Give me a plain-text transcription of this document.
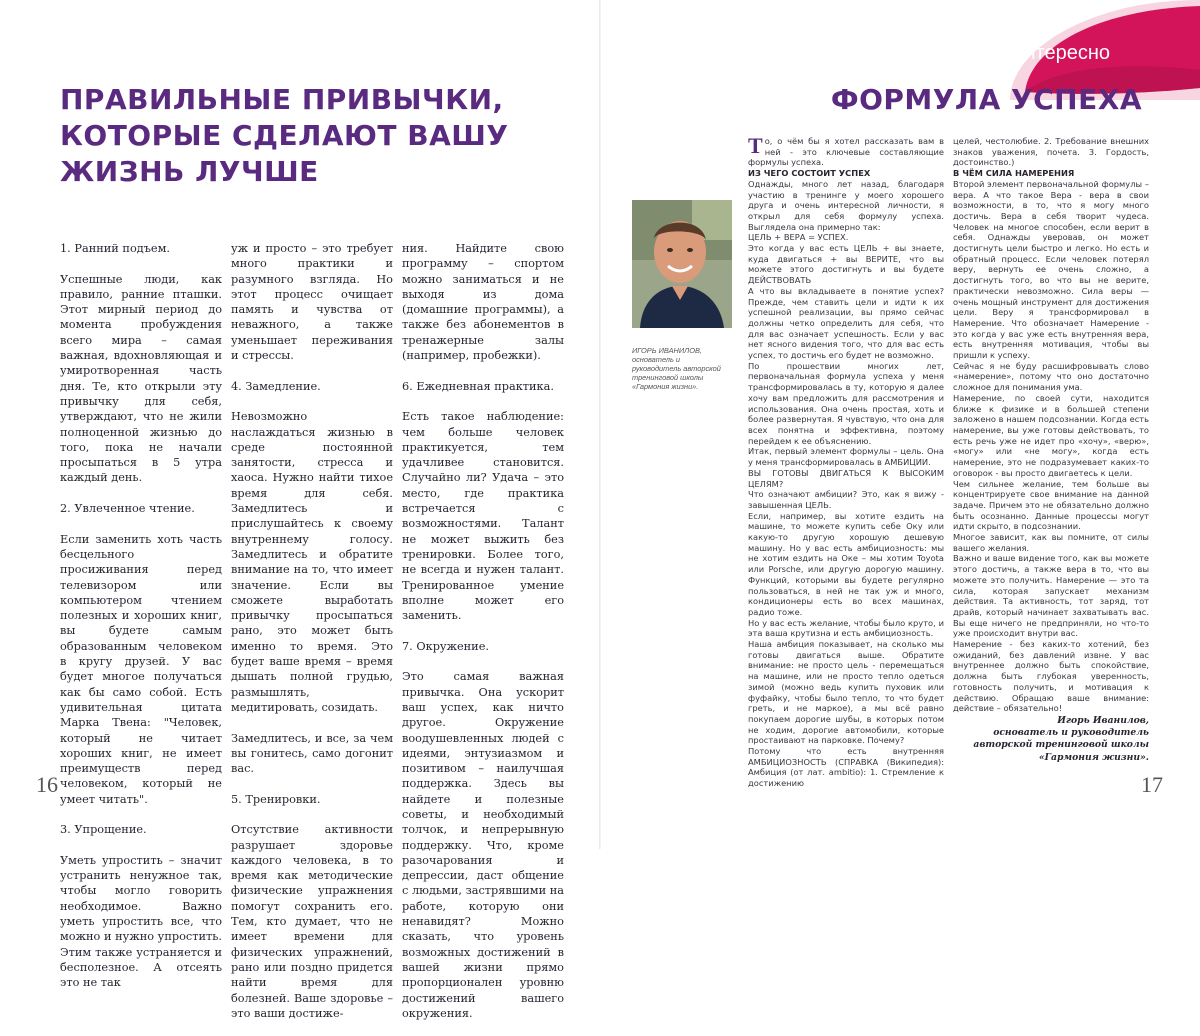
ПРАВИЛЬНЫЕ ПРИВЫЧКИ, КОТОРЫЕ СДЕЛАЮТ ВАШУ ЖИЗНЬ ЛУЧШЕ

1. Ранний подъем.

Успешные люди, как правило, ранние пташки. Этот мирный период до момента пробуждения всего мира – самая важная, вдохновляющая и умиротворенная часть дня. Те, кто открыли эту привычку для себя, утверждают, что не жили полноценной жизнью до того, пока не начали просыпаться в 5 утра каждый день.

2. Увлеченное чтение.

Если заменить хоть часть бесцельного просиживания перед телевизором или компьютером чтением полезных и хороших книг, вы будете самым образованным человеком в кругу друзей. У вас будет многое получаться как бы само собой. Есть удивительная цитата Марка Твена: "Человек, который не читает хороших книг, не имеет преимуществ перед человеком, который не умеет читать".

3. Упрощение.

Уметь упростить – значит устранить ненужное так, чтобы могло говорить необходимое. Важно уметь упростить все, что можно и нужно упростить. Этим также устраняется и бесполезное. А отсеять это не так

уж и просто – это требует много практики и разумного взгляда. Но этот процесс очищает память и чувства от неважного, а также уменьшает переживания и стрессы.

4. Замедление.

Невозможно наслаждаться жизнью в среде постоянной занятости, стресса и хаоса. Нужно найти тихое время для себя. Замедлитесь и прислушайтесь к своему внутреннему голосу. Замедлитесь и обратите внимание на то, что имеет значение. Если вы сможете выработать привычку просыпаться рано, это может быть именно то время. Это будет ваше время – время дышать полной грудью, размышлять, медитировать, созидать.

Замедлитесь, и все, за чем вы гонитесь, само догонит вас.

5. Тренировки.

Отсутствие активности разрушает здоровье каждого человека, в то время как методические физические упражнения помогут сохранить его. Тем, кто думает, что не имеет времени для физических упражнений, рано или поздно придется найти время для болезней. Ваше здоровье – это ваши достиже-

ния. Найдите свою программу – спортом можно заниматься и не выходя из дома (домашние программы), а также без абонементов в тренажерные залы (например, пробежки).

6. Ежедневная практика.

Есть такое наблюдение: чем больше человек практикуется, тем удачливее становится. Случайно ли? Удача – это место, где практика встречается с возможностями. Талант не может выжить без тренировки. Более того, не всегда и нужен талант. Тренированное умение вполне может его заменить.

7. Окружение.

Это самая важная привычка. Она ускорит ваш успех, как ничто другое. Окружение воодушевленных людей с идеями, энтузиазмом и позитивом – наилучшая поддержка. Здесь вы найдете и полезные советы, и необходимый толчок, и непрерывную поддержку. Что, кроме разочарования и депрессии, даст общение с людьми, застрявшими на работе, которую они ненавидят? Можно сказать, что уровень возможных достижений в вашей жизни прямо пропорционален уровню достижений вашего окружения.

16
Интересно
ФОРМУЛА УСПЕХА
ИГОРЬ ИВАНИЛОВ,
основатель и руководитель авторской тренинговой школы «Гармония жизни».

То, о чём бы я хотел рассказать вам в ней - это ключевые составляющие формулы успеха.

ИЗ ЧЕГО СОСТОИТ УСПЕХ

Однажды, много лет назад, благодаря участию в тренинге у моего хорошего друга и очень интересной личности, я открыл для себя формулу успеха. Выглядела она примерно так:

ЦЕЛЬ + ВЕРА = УСПЕХ.

Это когда у вас есть ЦЕЛЬ + вы знаете, куда двигаться + вы ВЕРИТЕ, что вы можете этого достигнуть и вы будете ДЕЙСТВОВАТЬ

А что вы вкладываете в понятие успех? Прежде, чем ставить цели и идти к их успешной реализации, вы прямо сейчас должны четко определить для себя, что для вас означает успешность. Если у вас нет ясного видения того, что для вас есть успех, то достичь его будет не возможно.

По прошествии многих лет, первоначальная формула успеха у меня трансформировалась в ту, которую я далее хочу вам предложить для рассмотрения и использования. Она очень простая, хоть и более развернутая. Я чувствую, что она для всех понятна и эффективна, поэтому перейдем к ее объяснению.

Итак, первый элемент формулы – цель. Она у меня трансформировалась в АМБИЦИИ.

ВЫ ГОТОВЫ ДВИГАТЬСЯ К ВЫСОКИМ ЦЕЛЯМ?

Что означают амбиции? Это, как я вижу - завышенная ЦЕЛЬ.

Если, например, вы хотите ездить на машине, то можете купить себе Оку или какую-то другую хорошую дешевую машину. Но у вас есть амбициозность: мы не хотим ездить на Оке – мы хотим Toyota или Porsche, или другую дорогую машину. Функций, которыми вы будете регулярно пользоваться, в ней не так уж и много, кондиционеры есть во всех машинах, радио тоже.

Но у вас есть желание, чтобы было круто, и эта ваша крутизна и есть амбициозность.

Наша амбиция показывает, на сколько мы готовы двигаться выше. Обратите внимание: не просто цель - перемещаться на машине, или не просто тепло одеться зимой (можно ведь купить пуховик или фуфайку, чтобы было тепло, то что будет греть, и не маркое), а мы всё равно покупаем дорогие шубы, в которых потом не ходим, дорогие автомобили, которые простаивают на парковке. Почему?

Потому что есть внутренняя АМБИЦИОЗНОСТЬ (СПРАВКА (Википедия): Амбиция (от лат. ambitio): 1. Стремление к достижению

целей, честолюбие. 2. Требование внешних знаков уважения, почета. 3. Гордость, достоинство.)

В ЧЁМ СИЛА НАМЕРЕНИЯ

Второй элемент первоначальной формулы – вера. А что такое Вера - вера в свои возможности, в то, что я могу много достичь. Вера в себя творит чудеса. Человек на многое способен, если верит в себя. Однажды уверовав, он может достигнуть цели быстро и легко. Но есть и обратный процесс. Если человек потерял веру, вернуть ее очень сложно, а достигнуть того, во что вы не верите, практически невозможно. Сила веры — очень мощный инструмент для достижения цели. Веру я трансформировал в Намерение. Что обозначает Намерение - это когда у вас уже есть внутренняя вера, есть внутренняя мотивация, чтобы вы пришли к успеху.

Сейчас я не буду расшифровывать слово «намерение», потому что оно достаточно сложное для понимания ума.

Намерение, по своей сути, находится ближе к физике и в большей степени заложено в нашем подсознании. Когда есть намерение, вы уже готовы действовать, то есть речь уже не идет про «хочу», «верю», «могу» или «не могу», когда есть намерение, это не подразумевает каких-то оговорок - вы просто двигаетесь к цели.

Чем сильнее желание, тем больше вы концентрируете свое внимание на данной задаче. Причем это не обязательно должно быть осознанно. Данные процессы могут идти скрыто, в подсознании.

Многое зависит, как вы помните, от силы вашего желания.

Важно и ваше видение того, как вы можете этого достичь, а также вера в то, что вы можете это получить. Намерение — это та сила, которая запускает механизм действия. Та активность, тот заряд, тот драйв, который начинает захватывать вас. Вы еще ничего не предприняли, но что-то уже происходит внутри вас.

Намерение - без каких-то хотений, без ожиданий, без давлений извне. У вас внутреннее должно быть спокойствие, должна быть глубокая уверенность, готовность получить, и мотивация к действию. Обращаю ваше внимание: действие – обязательно!

Игорь Иванилов,
основатель и руководитель
авторской тренинговой школы
«Гармония жизни».
17
